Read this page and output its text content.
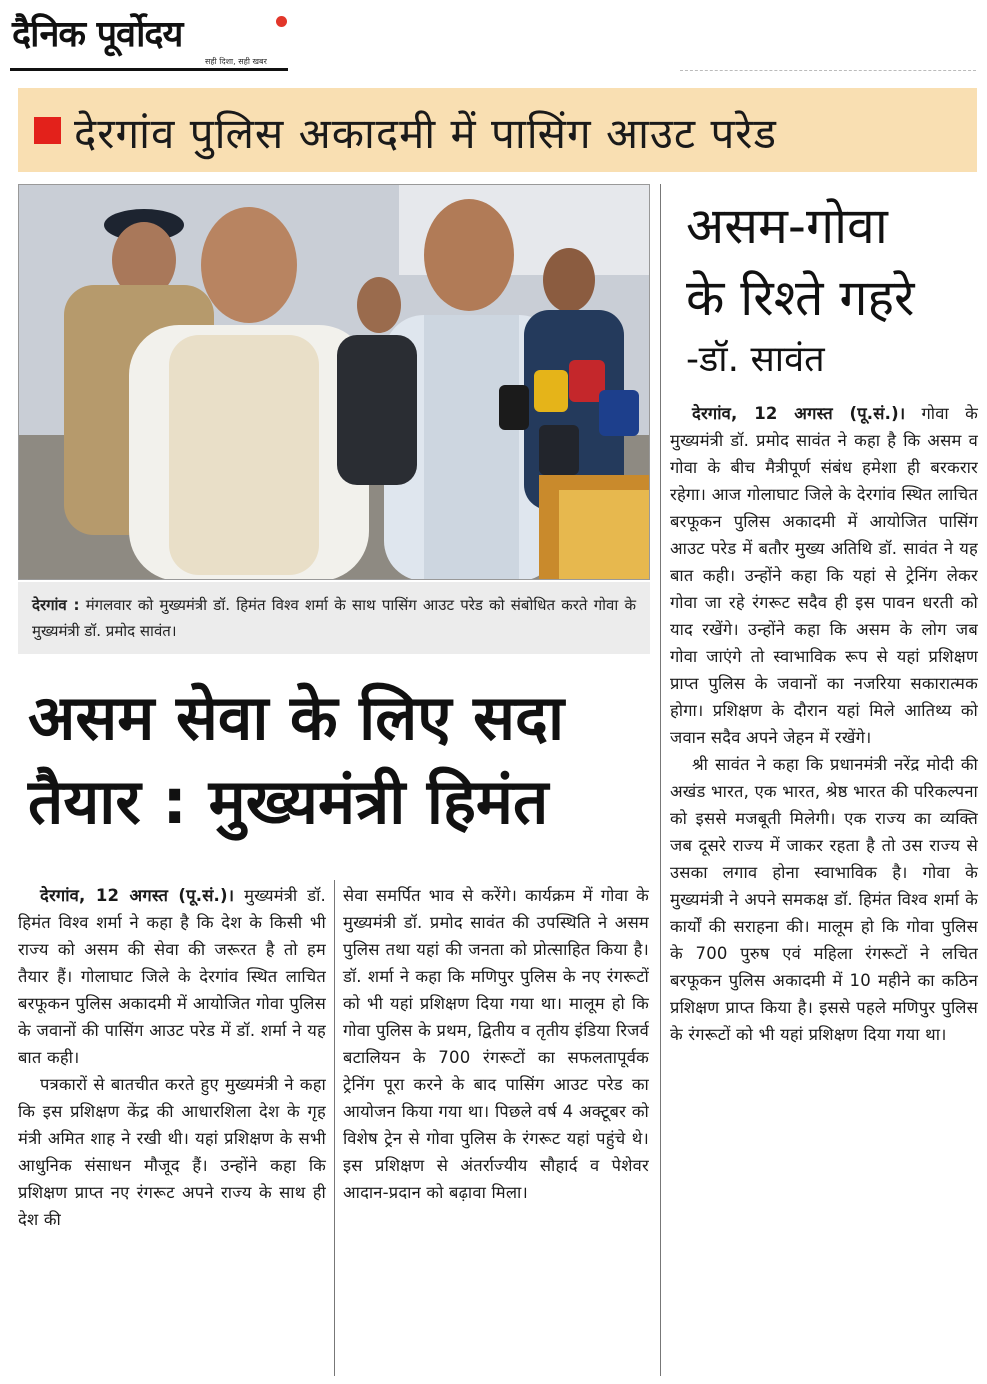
दैनिक पूर्वोदय
सही दिशा, सही खबर
देरगांव पुलिस अकादमी में पासिंग आउट परेड
देरगांव : मंगलवार को मुख्यमंत्री डॉ. हिमंत विश्व शर्मा के साथ पासिंग आउट परेड को संबोधित करते गोवा के मुख्यमंत्री डॉ. प्रमोद सावंत।
असम सेवा के लिए सदा तैयार : मुख्यमंत्री हिमंत

देरगांव, 12 अगस्त (पू.सं.)। मुख्यमंत्री डॉ. हिमंत विश्व शर्मा ने कहा है कि देश के किसी भी राज्य को असम की सेवा की जरूरत है तो हम तैयार हैं। गोलाघाट जिले के देरगांव स्थित लाचित बरफूकन पुलिस अकादमी में आयोजित गोवा पुलिस के जवानों की पासिंग आउट परेड में डॉ. शर्मा ने यह बात कही।

पत्रकारों से बातचीत करते हुए मुख्यमंत्री ने कहा कि इस प्रशिक्षण केंद्र की आधारशिला देश के गृह मंत्री अमित शाह ने रखी थी। यहां प्रशिक्षण के सभी आधुनिक संसाधन मौजूद हैं। उन्होंने कहा कि प्रशिक्षण प्राप्त नए रंगरूट अपने राज्य के साथ ही देश की

सेवा समर्पित भाव से करेंगे। कार्यक्रम में गोवा के मुख्यमंत्री डॉ. प्रमोद सावंत की उपस्थिति ने असम पुलिस तथा यहां की जनता को प्रोत्साहित किया है। डॉ. शर्मा ने कहा कि मणिपुर पुलिस के नए रंगरूटों को भी यहां प्रशिक्षण दिया गया था। मालूम हो कि गोवा पुलिस के प्रथम, द्वितीय व तृतीय इंडिया रिजर्व बटालियन के 700 रंगरूटों का सफलतापूर्वक ट्रेनिंग पूरा करने के बाद पासिंग आउट परेड का आयोजन किया गया था। पिछले वर्ष 4 अक्टूबर को विशेष ट्रेन से गोवा पुलिस के रंगरूट यहां पहुंचे थे। इस प्रशिक्षण से अंतर्राज्यीय सौहार्द व पेशेवर आदान-प्रदान को बढ़ावा मिला।

असम-गोवा
के रिश्ते गहरे
-डॉ. सावंत

देरगांव, 12 अगस्त (पू.सं.)। गोवा के मुख्यमंत्री डॉ. प्रमोद सावंत ने कहा है कि असम व गोवा के बीच मैत्रीपूर्ण संबंध हमेशा ही बरकरार रहेगा। आज गोलाघाट जिले के देरगांव स्थित लाचित बरफूकन पुलिस अकादमी में आयोजित पासिंग आउट परेड में बतौर मुख्य अतिथि डॉ. सावंत ने यह बात कही। उन्होंने कहा कि यहां से ट्रेनिंग लेकर गोवा जा रहे रंगरूट सदैव ही इस पावन धरती को याद रखेंगे। उन्होंने कहा कि असम के लोग जब गोवा जाएंगे तो स्वाभाविक रूप से यहां प्रशिक्षण प्राप्त पुलिस के जवानों का नजरिया सकारात्मक होगा। प्रशिक्षण के दौरान यहां मिले आतिथ्य को जवान सदैव अपने जेहन में रखेंगे।

श्री सावंत ने कहा कि प्रधानमंत्री नरेंद्र मोदी की अखंड भारत, एक भारत, श्रेष्ठ भारत की परिकल्पना को इससे मजबूती मिलेगी। एक राज्य का व्यक्ति जब दूसरे राज्य में जाकर रहता है तो उस राज्य से उसका लगाव होना स्वाभाविक है। गोवा के मुख्यमंत्री ने अपने समकक्ष डॉ. हिमंत विश्व शर्मा के कार्यों की सराहना की। मालूम हो कि गोवा पुलिस के 700 पुरुष एवं महिला रंगरूटों ने लचित बरफूकन पुलिस अकादमी में 10 महीने का कठिन प्रशिक्षण प्राप्त किया है। इससे पहले मणिपुर पुलिस के रंगरूटों को भी यहां प्रशिक्षण दिया गया था।
